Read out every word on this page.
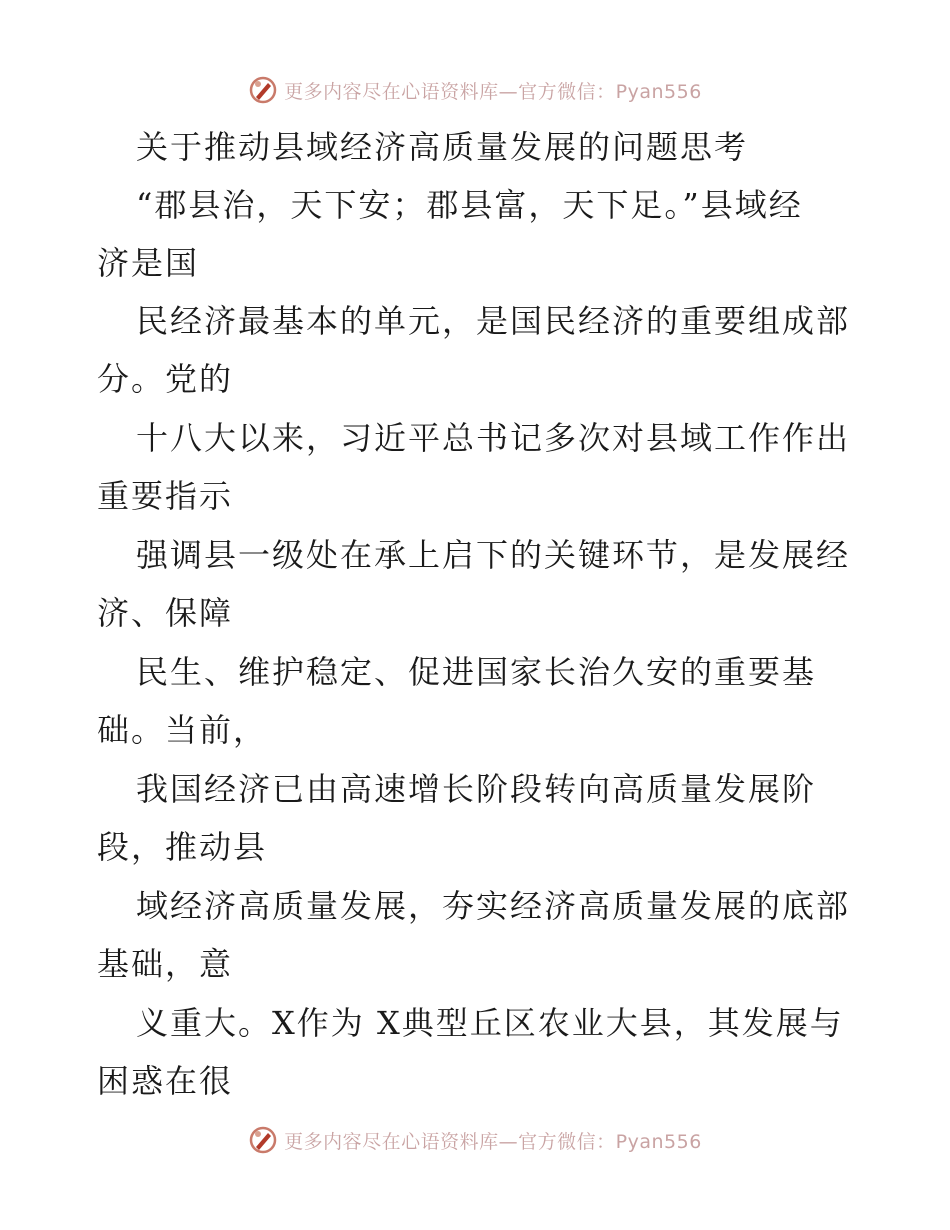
更多内容尽在心语资料库—官方微信：Pyan556
关于推动县域经济高质量发展的问题思考
“郡县治，天下安；郡县富，天下足。”县域经
济是国
民经济最基本的单元，是国民经济的重要组成部
分。党的
十八大以来，习近平总书记多次对县域工作作出
重要指示
强调县一级处在承上启下的关键环节，是发展经
济、保障
民生、维护稳定、促进国家长治久安的重要基
础。当前，
我国经济已由高速增长阶段转向高质量发展阶
段，推动县
域经济高质量发展，夯实经济高质量发展的底部
基础，意
义重大。X作为 X典型丘区农业大县，其发展与
困惑在很
更多内容尽在心语资料库—官方微信：Pyan556
